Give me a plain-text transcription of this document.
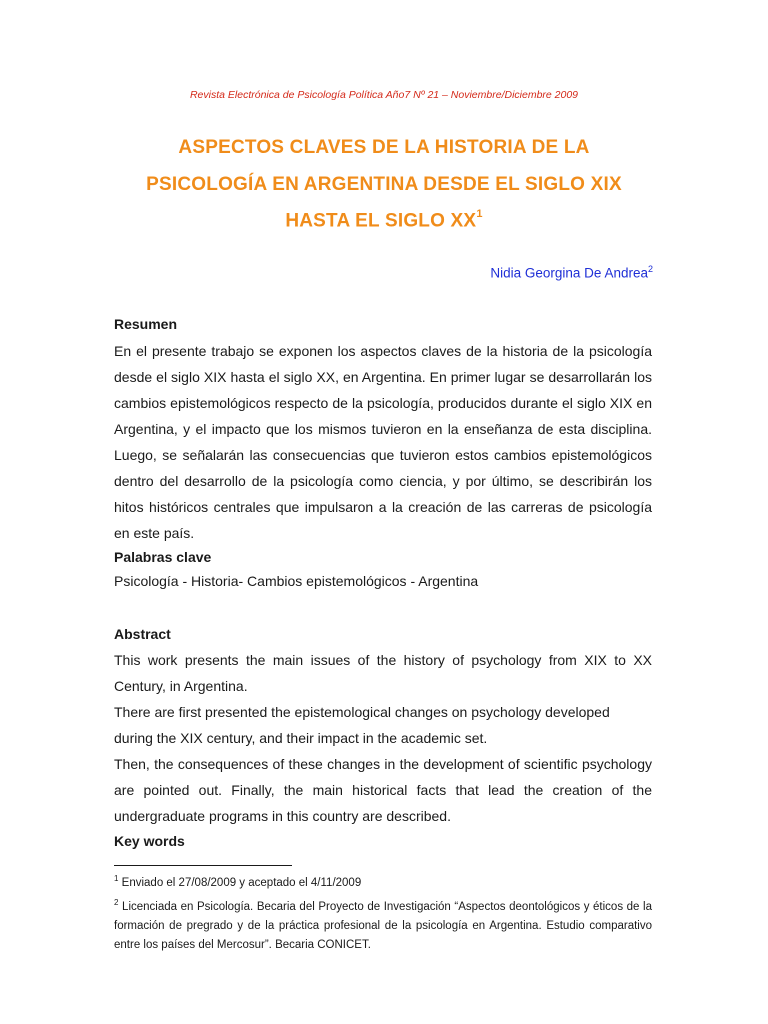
Revista Electrónica de Psicología Política Año7 Nº 21 – Noviembre/Diciembre 2009
ASPECTOS CLAVES DE LA HISTORIA DE LA
PSICOLOGÍA EN ARGENTINA DESDE EL SIGLO XIX
HASTA EL SIGLO $XX^1$
Nidia Georgina De Andrea$^2$
Resumen
En el presente trabajo se exponen los aspectos claves de la historia de la psicología desde el siglo XIX hasta el siglo XX, en Argentina. En primer lugar se desarrollarán los cambios epistemológicos respecto de la psicología, producidos durante el siglo XIX en Argentina, y el impacto que los mismos tuvieron en la enseñanza de esta disciplina. Luego, se señalarán las consecuencias que tuvieron estos cambios epistemológicos dentro del desarrollo de la psicología como ciencia, y por último, se describirán los hitos históricos centrales que impulsaron a la creación de las carreras de psicología en este país.
Palabras clave
Psicología - Historia- Cambios epistemológicos - Argentina
Abstract
This work presents the main issues of the history of psychology from XIX to XX Century, in Argentina.
There are first presented the epistemological changes on psychology developed during the XIX century, and their impact in the academic set.
Then, the consequences of these changes in the development of scientific psychology are pointed out. Finally, the main historical facts that lead the creation of the undergraduate programs in this country are described.
Key words
$^1$ Enviado el 27/08/2009 y aceptado el 4/11/2009
$^2$ Licenciada en Psicología. Becaria del Proyecto de Investigación “Aspectos deontológicos y éticos de la formación de pregrado y de la práctica profesional de la psicología en Argentina. Estudio comparativo entre los países del Mercosur”. Becaria CONICET.
